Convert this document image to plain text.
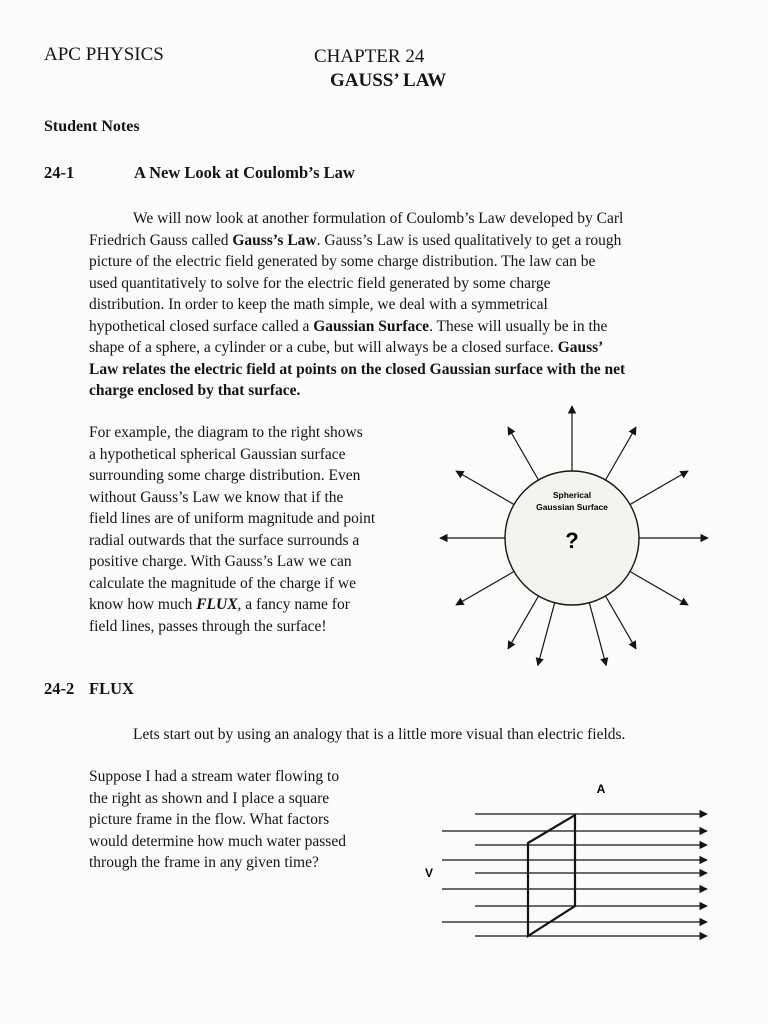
APC PHYSICS	CHAPTER 24
GAUSS’ LAW
Student Notes
24-1	A New Look at Coulomb’s Law
We will now look at another formulation of Coulomb’s Law developed by Carl
Friedrich Gauss called Gauss’s Law. Gauss’s Law is used qualitatively to get a rough
picture of the electric field generated by some charge distribution. The law can be
used quantitatively to solve for the electric field generated by some charge
distribution. In order to keep the math simple, we deal with a symmetrical
hypothetical closed surface called a Gaussian Surface. These will usually be in the
shape of a sphere, a cylinder or a cube, but will always be a closed surface. Gauss’
Law relates the electric field at points on the closed Gaussian surface with the net
charge enclosed by that surface.
For example, the diagram to the right shows
a hypothetical spherical Gaussian surface
surrounding some charge distribution. Even
without Gauss’s Law we know that if the
field lines are of uniform magnitude and point
radial outwards that the surface surrounds a
positive charge. With Gauss’s Law we can
calculate the magnitude of the charge if we
know how much FLUX, a fancy name for
field lines, passes through the surface!
Spherical
Gaussian Surface
?
24-2 FLUX
Lets start out by using an analogy that is a little more visual than electric fields.
Suppose I had a stream water flowing to
the right as shown and I place a square
picture frame in the flow. What factors
would determine how much water passed
through the frame in any given time?
A
V
